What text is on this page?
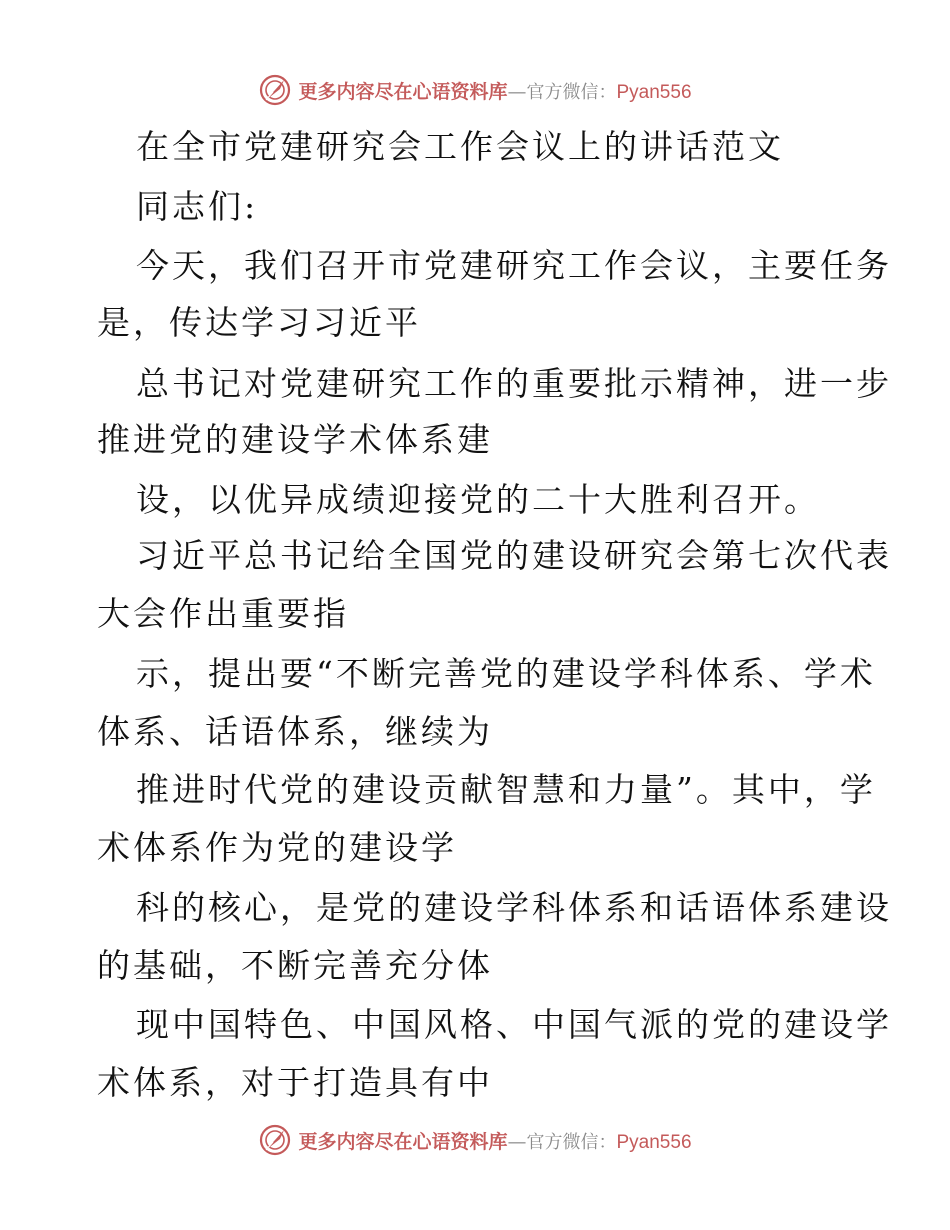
更多内容尽在心语资料库 — 官方微信： Pyan556
在全市党建研究会工作会议上的讲话范文
同志们:
今天，我们召开市党建研究工作会议，主要任务
是，传达学习习近平
总书记对党建研究工作的重要批示精神，进一步
推进党的建设学术体系建
设，以优异成绩迎接党的二十大胜利召开。
习近平总书记给全国党的建设研究会第七次代表
大会作出重要指
示，提出要“不断完善党的建设学科体系、学术
体系、话语体系，继续为
推进时代党的建设贡献智慧和力量”。其中，学
术体系作为党的建设学
科的核心，是党的建设学科体系和话语体系建设
的基础，不断完善充分体
现中国特色、中国风格、中国气派的党的建设学
术体系，对于打造具有中
更多内容尽在心语资料库 — 官方微信： Pyan556
